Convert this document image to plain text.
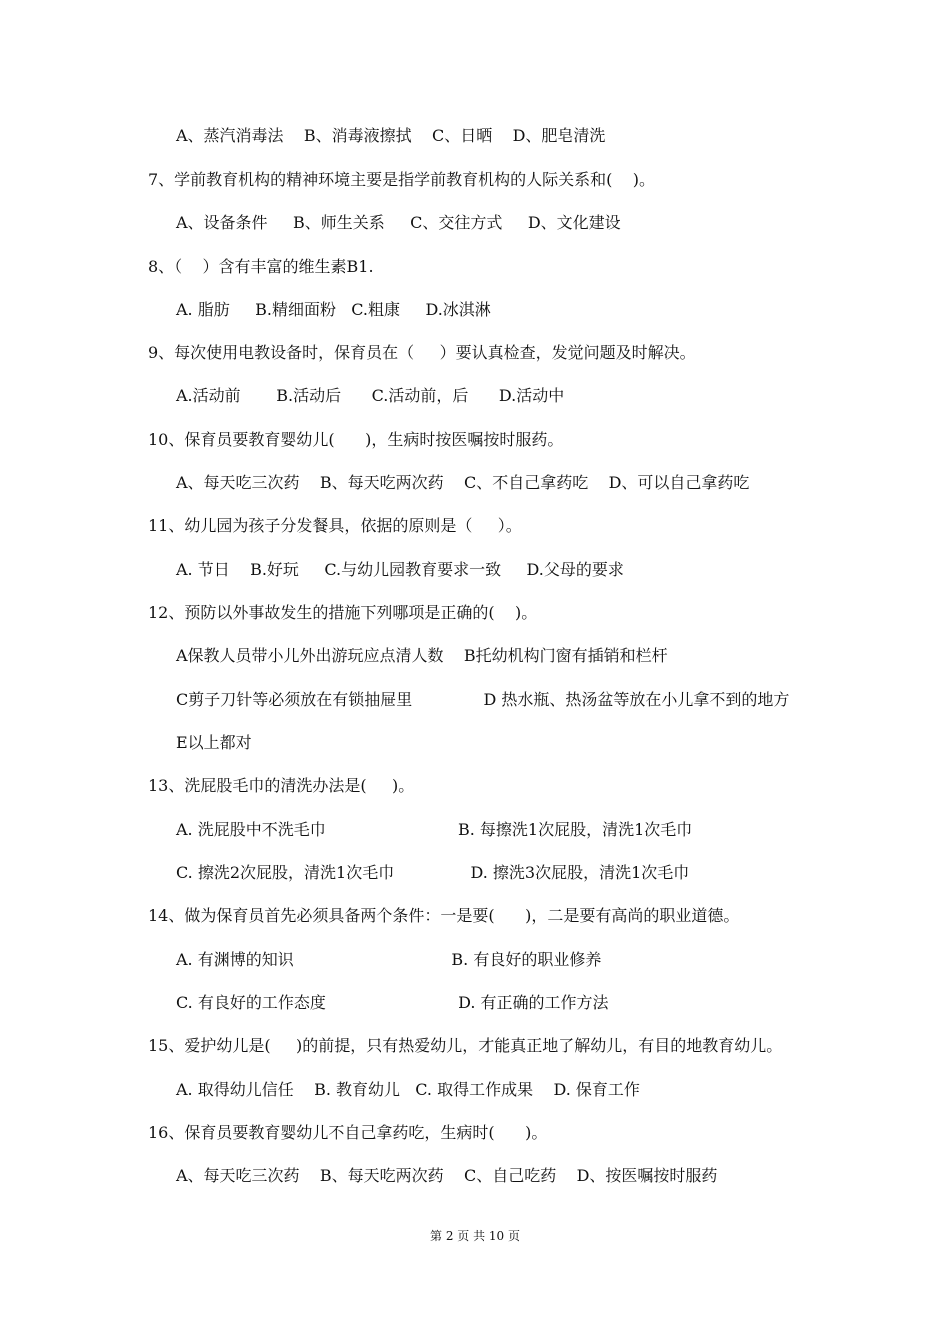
A、蒸汽消毒法    B、消毒液擦拭    C、日晒    D、肥皂清洗
7、学前教育机构的精神环境主要是指学前教育机构的人际关系和(    )。
A、设备条件     B、师生关系     C、交往方式     D、文化建设
8、（    ）含有丰富的维生素B1.
A. 脂肪     B.精细面粉   C.粗康     D.冰淇淋
9、每次使用电教设备时，保育员在（     ）要认真检查，发觉问题及时解决。
A.活动前       B.活动后      C.活动前，后      D.活动中
10、保育员要教育婴幼儿(      )，生病时按医嘱按时服药。
A、每天吃三次药    B、每天吃两次药    C、不自己拿药吃    D、可以自己拿药吃
11、幼儿园为孩子分发餐具，依据的原则是（     ）。
A. 节日    B.好玩     C.与幼儿园教育要求一致     D.父母的要求
12、预防以外事故发生的措施下列哪项是正确的(    )。
A保教人员带小儿外出游玩应点清人数    B托幼机构门窗有插销和栏杆
C剪子刀针等必须放在有锁抽屉里              D 热水瓶、热汤盆等放在小儿拿不到的地方
E以上都对
13、洗屁股毛巾的清洗办法是(     )。
A. 洗屁股中不洗毛巾                          B. 每擦洗1次屁股，清洗1次毛巾
C. 擦洗2次屁股，清洗1次毛巾               D. 擦洗3次屁股，清洗1次毛巾
14、做为保育员首先必须具备两个条件：一是要(      )，二是要有高尚的职业道德。
A. 有渊博的知识                               B. 有良好的职业修养
C. 有良好的工作态度                          D. 有正确的工作方法
15、爱护幼儿是(     )的前提，只有热爱幼儿，才能真正地了解幼儿，有目的地教育幼儿。
A. 取得幼儿信任    B. 教育幼儿   C. 取得工作成果    D. 保育工作
16、保育员要教育婴幼儿不自己拿药吃，生病时(      )。
A、每天吃三次药    B、每天吃两次药    C、自己吃药    D、按医嘱按时服药
第 2 页 共 10 页
